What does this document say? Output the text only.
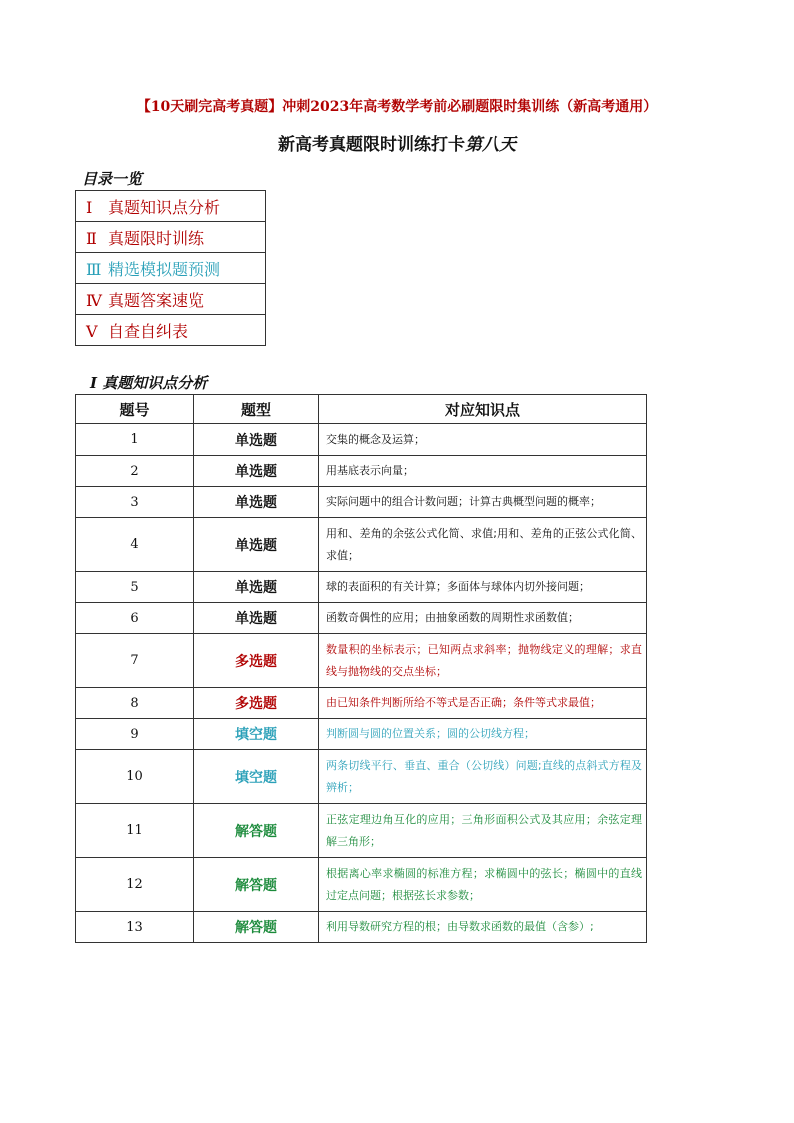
【10天刷完高考真题】冲刺2023年高考数学考前必刷题限时集训练（新高考通用）
新高考真题限时训练打卡第八天
目录一览
Ⅰ 真题知识点分析
Ⅱ 真题限时训练
Ⅲ 精选模拟题预测
Ⅳ 真题答案速览
Ⅴ 自查自纠表
Ⅰ 真题知识点分析
题号	题型	对应知识点
1	单选题	交集的概念及运算；
2	单选题	用基底表示向量；
3	单选题	实际问题中的组合计数问题；计算古典概型问题的概率；
4	单选题	用和、差角的余弦公式化简、求值;用和、差角的正弦公式化简、求值；
5	单选题	球的表面积的有关计算；多面体与球体内切外接问题；
6	单选题	函数奇偶性的应用；由抽象函数的周期性求函数值；
7	多选题	数量积的坐标表示；已知两点求斜率；抛物线定义的理解；求直线与抛物线的交点坐标；
8	多选题	由已知条件判断所给不等式是否正确；条件等式求最值；
9	填空题	判断圆与圆的位置关系；圆的公切线方程；
10	填空题	两条切线平行、垂直、重合（公切线）问题;直线的点斜式方程及辨析；
11	解答题	正弦定理边角互化的应用；三角形面积公式及其应用；余弦定理解三角形；
12	解答题	根据离心率求椭圆的标准方程；求椭圆中的弦长；椭圆中的直线过定点问题；根据弦长求参数；
13	解答题	利用导数研究方程的根；由导数求函数的最值（含参）;
